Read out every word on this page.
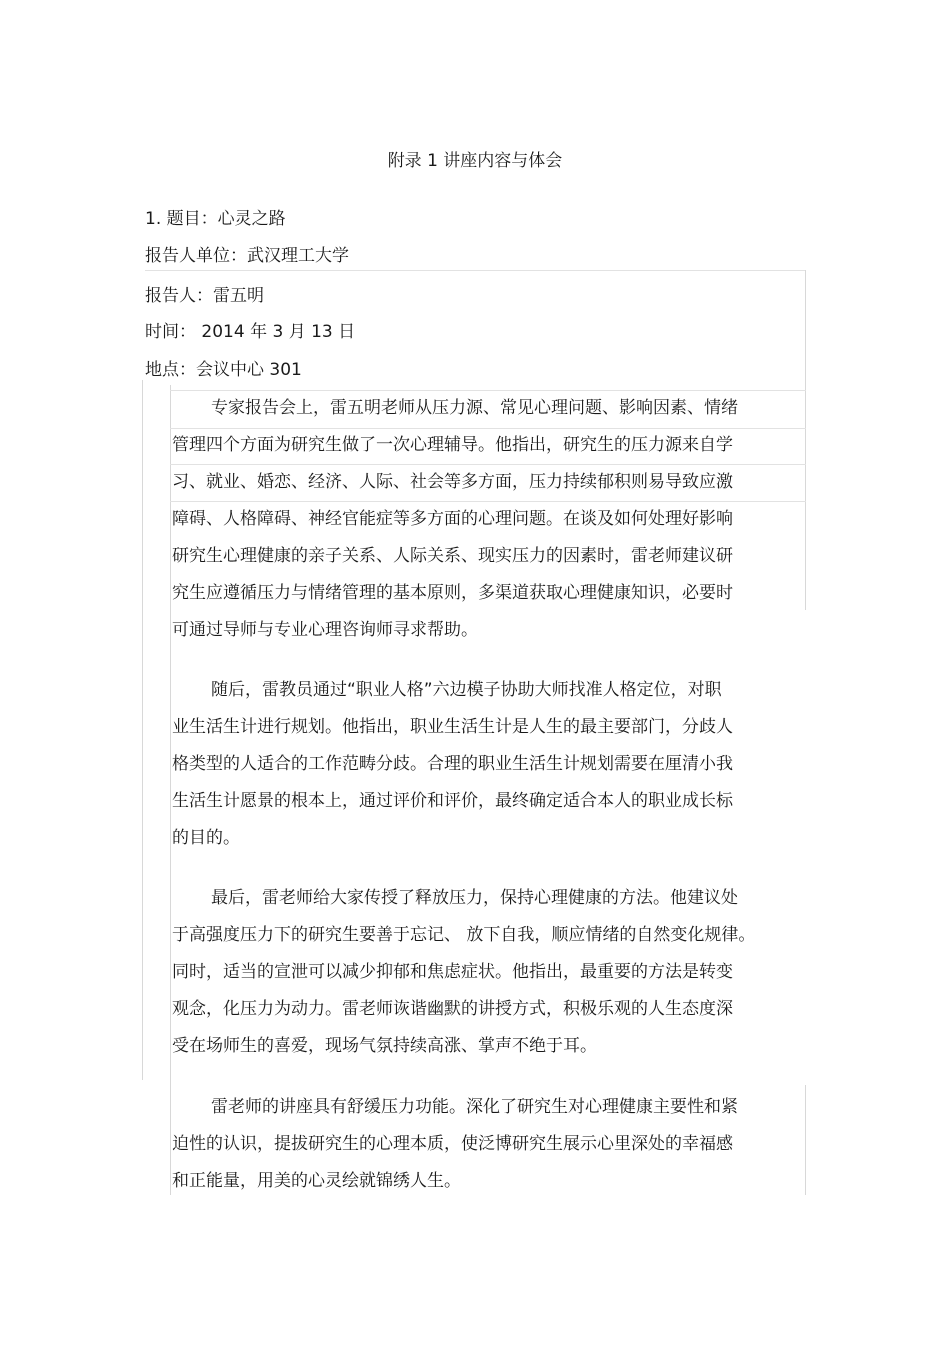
附录 1 讲座内容与体会
1. 题目：心灵之路
报告人单位：武汉理工大学
报告人：雷五明
时间： 2014 年 3 月 13 日
地点：会议中心 301
专家报告会上，雷五明老师从压力源、常见心理问题、影响因素、情绪
管理四个方面为研究生做了一次心理辅导。他指出，研究生的压力源来自学
习、就业、婚恋、经济、人际、社会等多方面，压力持续郁积则易导致应激
障碍、人格障碍、神经官能症等多方面的心理问题。在谈及如何处理好影响
研究生心理健康的亲子关系、人际关系、现实压力的因素时，雷老师建议研
究生应遵循压力与情绪管理的基本原则，多渠道获取心理健康知识，必要时
可通过导师与专业心理咨询师寻求帮助。
随后，雷教员通过“职业人格”六边模子协助大师找准人格定位，对职
业生活生计进行规划。他指出，职业生活生计是人生的最主要部门，分歧人
格类型的人适合的工作范畴分歧。合理的职业生活生计规划需要在厘清小我
生活生计愿景的根本上，通过评价和评价，最终确定适合本人的职业成长标
的目的。
最后，雷老师给大家传授了释放压力，保持心理健康的方法。他建议处
于高强度压力下的研究生要善于忘记、 放下自我，顺应情绪的自然变化规律。
同时，适当的宣泄可以减少抑郁和焦虑症状。他指出，最重要的方法是转变
观念，化压力为动力。雷老师诙谐幽默的讲授方式，积极乐观的人生态度深
受在场师生的喜爱，现场气氛持续高涨、掌声不绝于耳。
雷老师的讲座具有舒缓压力功能。深化了研究生对心理健康主要性和紧
迫性的认识，提拔研究生的心理本质，使泛博研究生展示心里深处的幸福感
和正能量，用美的心灵绘就锦绣人生。
